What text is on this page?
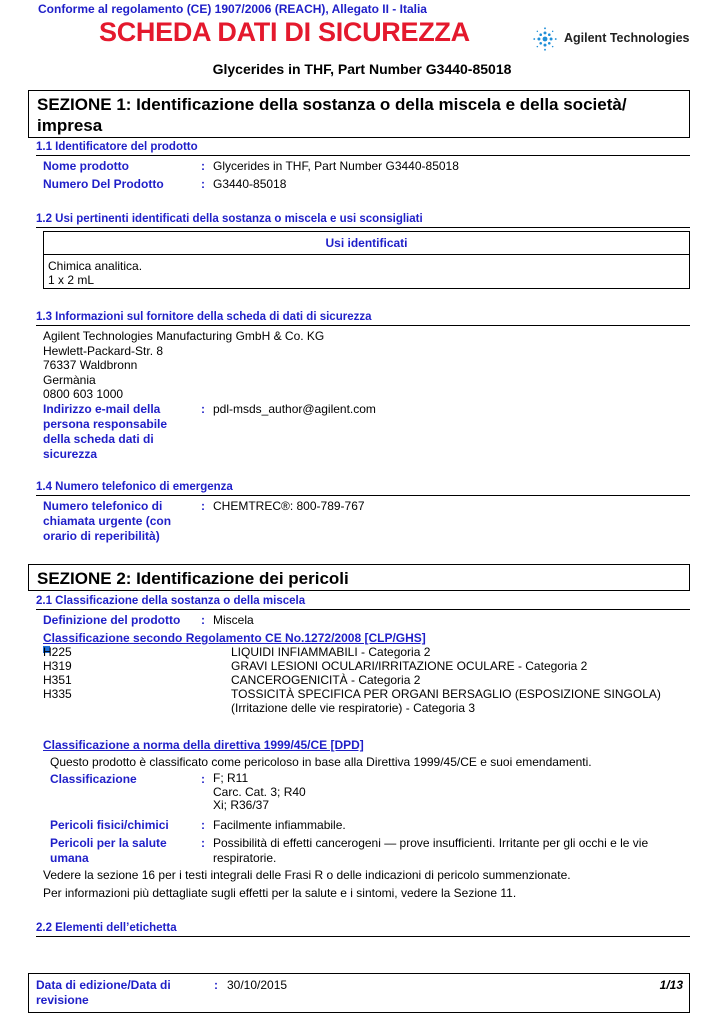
Conforme al regolamento (CE) 1907/2006 (REACH), Allegato II - Italia
SCHEDA DATI DI SICUREZZA	Agilent Technologies
Glycerides in THF, Part Number G3440-85018
SEZIONE 1: Identificazione della sostanza o della miscela e della società/
impresa
1.1 Identificatore del prodotto
Nome prodotto	: Glycerides in THF, Part Number G3440-85018
Numero Del Prodotto	: G3440-85018
1.2 Usi pertinenti identificati della sostanza o miscela e usi sconsigliati
Usi identificati
Chimica analitica.
1 x 2 mL
1.3 Informazioni sul fornitore della scheda di dati di sicurezza
Agilent Technologies Manufacturing GmbH & Co. KG
Hewlett-Packard-Str. 8
76337 Waldbronn
Germània
0800 603 1000
Indirizzo e-mail della
persona responsabile
della scheda dati di
sicurezza
: pdl-msds_author@agilent.com
1.4 Numero telefonico di emergenza
Numero telefonico di
chiamata urgente (con
orario di reperibilità)
: CHEMTREC®: 800-789-767
SEZIONE 2: Identificazione dei pericoli
2.1 Classificazione della sostanza o della miscela
Definizione del prodotto : Miscela
Classificazione secondo Regolamento CE No.1272/2008 [CLP/GHS]
H225	LIQUIDI INFIAMMABILI - Categoria 2
H319	GRAVI LESIONI OCULARI/IRRITAZIONE OCULARE - Categoria 2
H351	CANCEROGENICITÀ - Categoria 2
H335	TOSSICITÀ SPECIFICA PER ORGANI BERSAGLIO (ESPOSIZIONE SINGOLA)
(Irritazione delle vie respiratorie) - Categoria 3
Classificazione a norma della direttiva 1999/45/CE [DPD]
Questo prodotto è classificato come pericoloso in base alla Direttiva 1999/45/CE e suoi emendamenti.
Classificazione	: F; R11
Carc. Cat. 3; R40
Xi; R36/37
Pericoli fisici/chimici	: Facilmente infiammabile.
Pericoli per la salute
umana
: Possibilità di effetti cancerogeni — prove insufficienti. Irritante per gli occhi e le vie
respiratorie.
Vedere la sezione 16 per i testi integrali delle Frasi R o delle indicazioni di pericolo summenzionate.
Per informazioni più dettagliate sugli effetti per la salute e i sintomi, vedere la Sezione 11.
2.2 Elementi dell’etichetta
Data di edizione/Data di
revisione
: 30/10/2015	1/13
